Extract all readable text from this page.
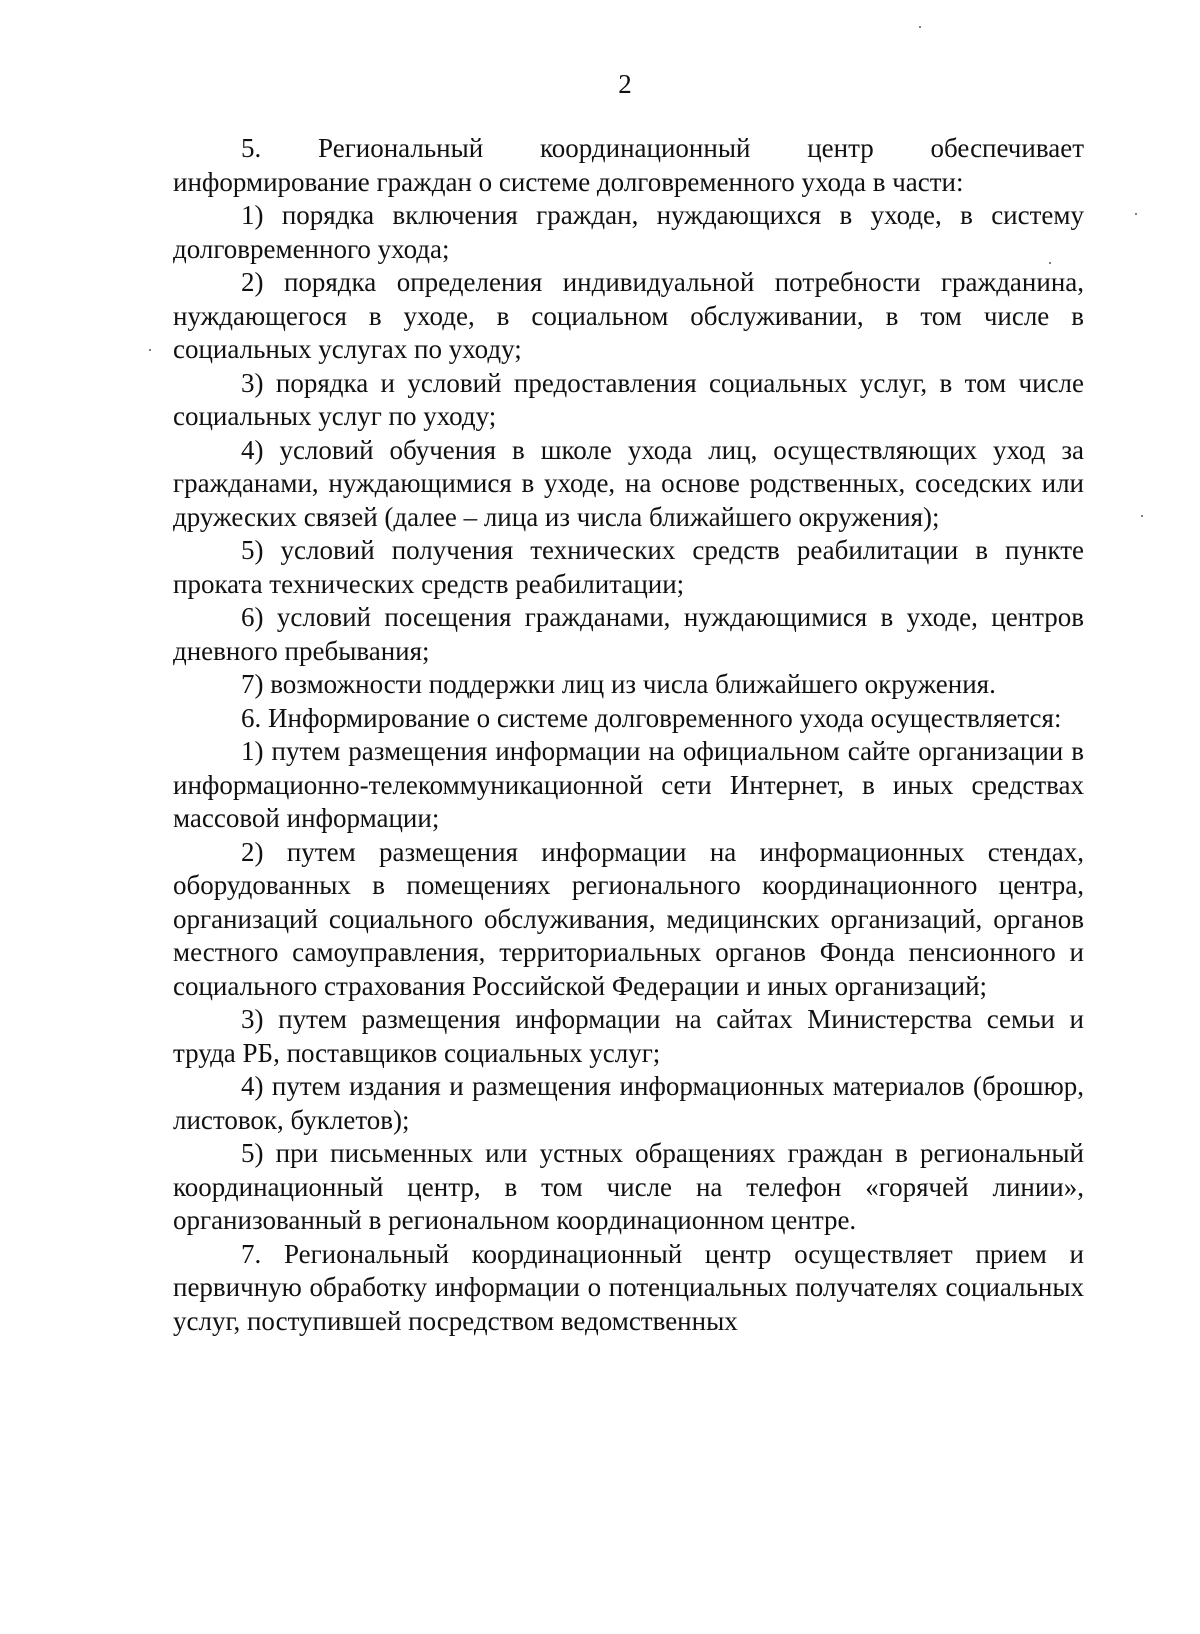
2

5. Региональный координационный центр обеспечивает информирование граждан о системе долговременного ухода в части:

1) порядка включения граждан, нуждающихся в уходе, в систему долговременного ухода;

2) порядка определения индивидуальной потребности гражданина, нуждающегося в уходе, в социальном обслуживании, в том числе в социальных услугах по уходу;

3) порядка и условий предоставления социальных услуг, в том числе социальных услуг по уходу;

4) условий обучения в школе ухода лиц, осуществляющих уход за гражданами, нуждающимися в уходе, на основе родственных, соседских или дружеских связей (далее – лица из числа ближайшего окружения);

5) условий получения технических средств реабилитации в пункте проката технических средств реабилитации;

6) условий посещения гражданами, нуждающимися в уходе, центров дневного пребывания;

7) возможности поддержки лиц из числа ближайшего окружения.

6. Информирование о системе долговременного ухода осуществляется:

1) путем размещения информации на официальном сайте организации в информационно-телекоммуникационной сети Интернет, в иных средствах массовой информации;

2) путем размещения информации на информационных стендах, оборудованных в помещениях регионального координационного центра, организаций социального обслуживания, медицинских организаций, органов местного самоуправления, территориальных органов Фонда пенсионного и социального страхования Российской Федерации и иных организаций;

3) путем размещения информации на сайтах Министерства семьи и труда РБ, поставщиков социальных услуг;

4) путем издания и размещения информационных материалов (брошюр, листовок, буклетов);

5) при письменных или устных обращениях граждан в региональный координационный центр, в том числе на телефон «горячей линии», организованный в региональном координационном центре.

7. Региональный координационный центр осуществляет прием и первичную обработку информации о потенциальных получателях социальных услуг, поступившей посредством ведомственных
